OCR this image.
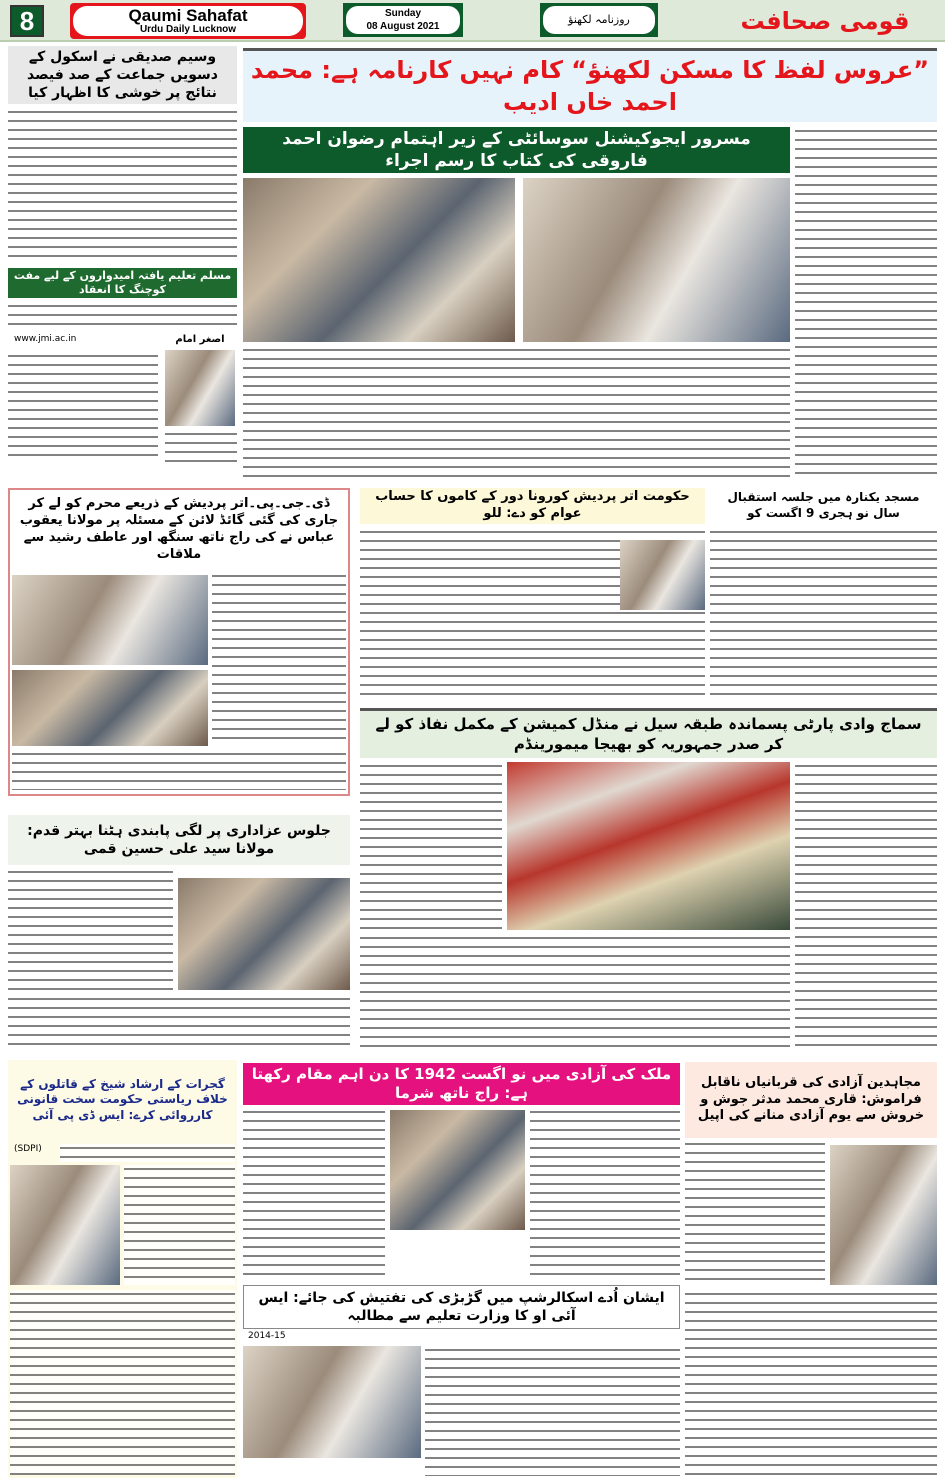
8	Qaumi Sahafat
Urdu Daily Lucknow
Sunday
08 August 2021
روزنامہ لکھنؤ	قومی صحافت
وسیم صدیقی نے اسکول کے دسویں جماعت کے صد فیصد نتائج پر خوشی کا اظہار کیا
مسلم تعلیم یافتہ امیدواروں کے لیے مفت کوچنگ کا انعقاد
www.jmi.ac.in	اصغر امام
”عروس لفظ کا مسکن لکھنؤ“ کام نہیں کارنامہ ہے: محمد احمد خاں ادیب
مسرور ایجوکیشنل سوسائٹی کے زیر اہتمام رضوان احمد فاروقی کی کتاب کا رسم اجراء
ڈی۔جی۔پی۔اتر پردیش کے ذریعے محرم کو لے کر جاری کی گئی گائڈ لائن کے مسئلہ پر مولانا یعقوب عباس نے کی راج ناتھ سنگھ اور عاطف رشید سے ملاقات
حکومت اتر پردیش کورونا دور کے کاموں کا حساب عوام کو دے: للو
مسجد یکنارہ میں جلسہ استقبال سال نو ہجری 9 اگست کو
سماج وادی پارٹی پسماندہ طبقہ سیل نے منڈل کمیشن کے مکمل نفاذ کو لے کر صدر جمہوریہ کو بھیجا میمورینڈم
جلوس عزاداری پر لگی پابندی ہٹنا بہتر قدم: مولانا سید علی حسین قمی
گجرات کے ارشاد شیخ کے قاتلوں کے خلاف ریاستی حکومت سخت قانونی کارروائی کرے: ایس ڈی پی آئی
(SDPI)
ملک کی آزادی میں نو اگست 1942 کا دن اہم مقام رکھتا ہے: راج ناتھ شرما
مجاہدین آزادی کی قربانیاں ناقابل فراموش: قاری محمد مدثر جوش و خروش سے یوم آزادی منانے کی اپیل
ایشان اُدے اسکالرشپ میں گڑبڑی کی تفتیش کی جائے: ایس آئی او کا وزارت تعلیم سے مطالبہ
2014-15
